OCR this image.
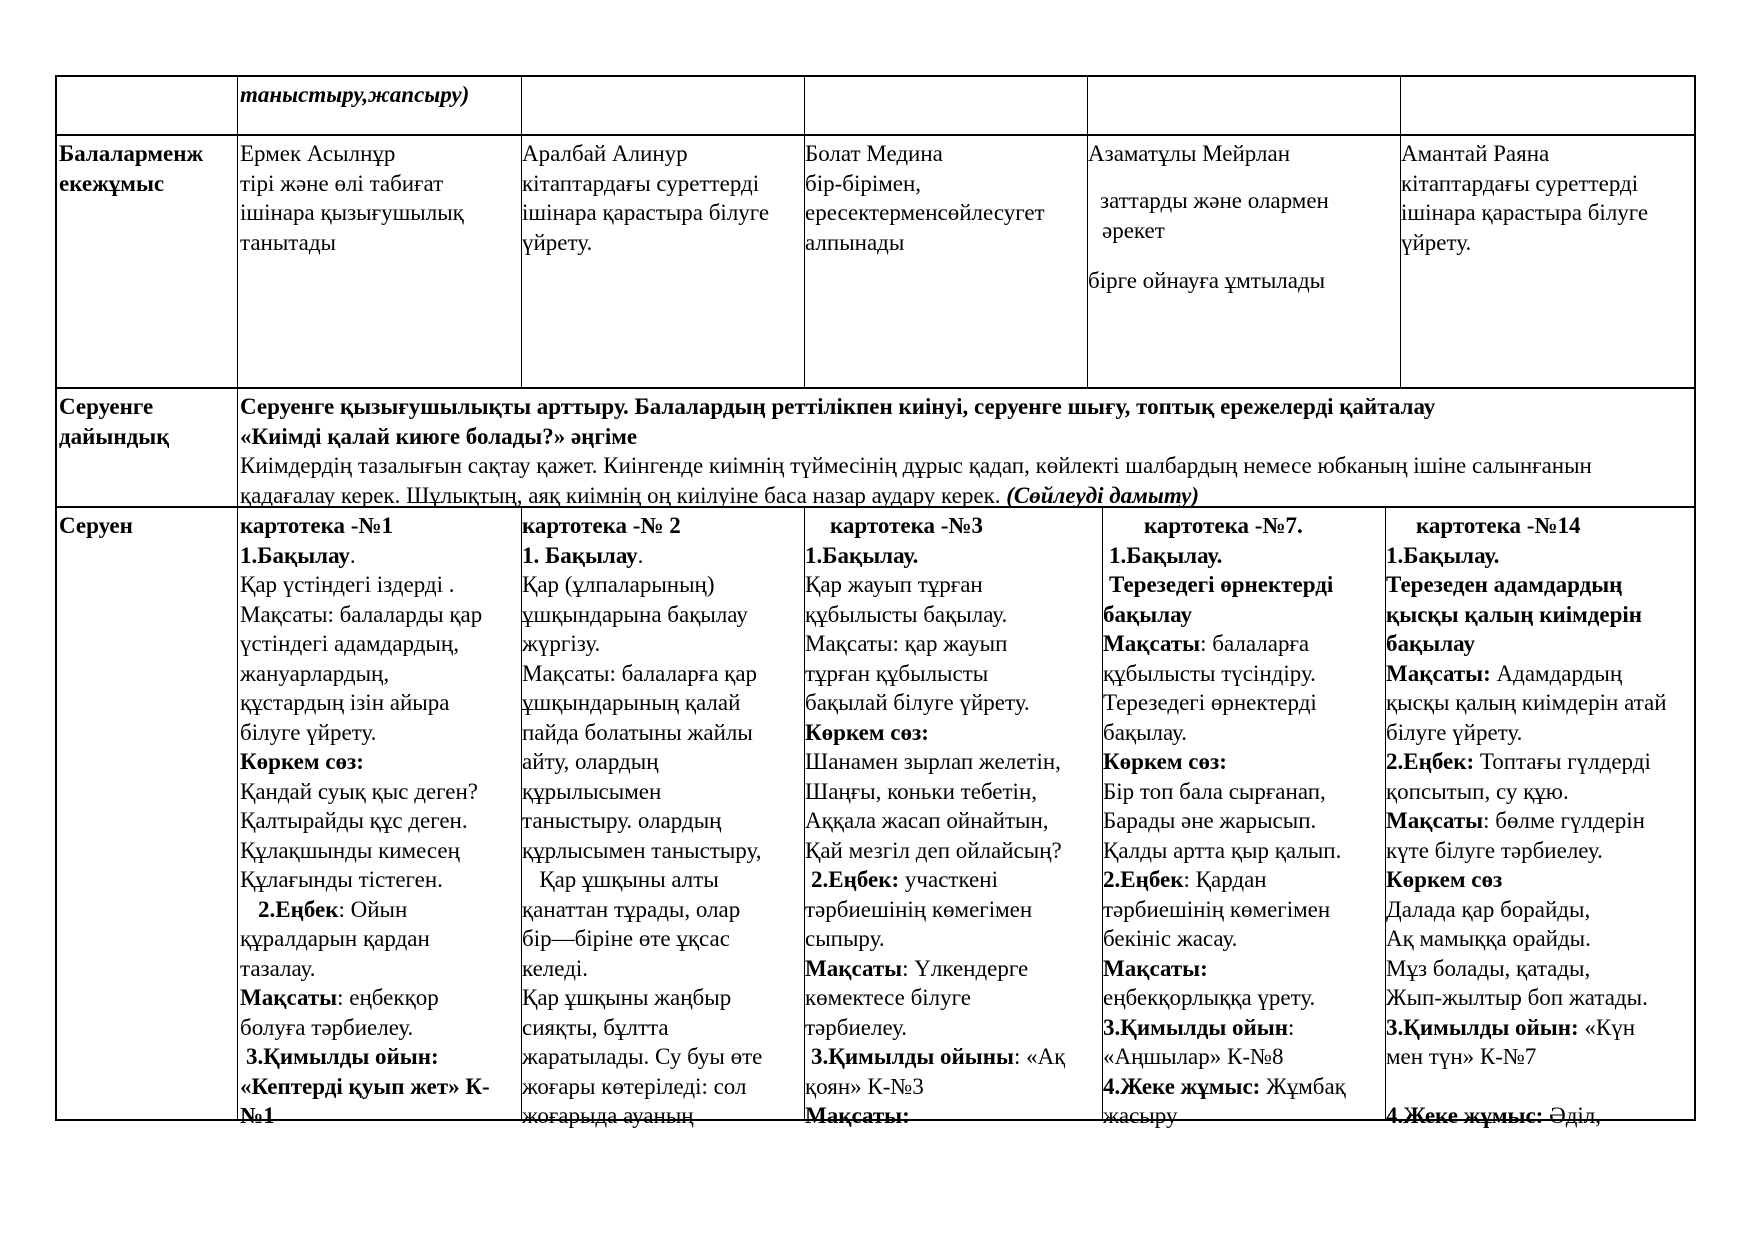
таныстыру,жапсыру)
Балаларменж
екежұмыс
Ермек Асылнұр
тірі және өлі табиғат
ішінара қызығушылық
танытады
Аралбай Алинур
кітаптардағы суреттерді
ішінара қарастыра білуге
үйрету.
Болат Медина
бір-бірімен,
ересектерменсөйлесугет
алпынады
Азаматұлы Мейрлан
заттарды және олармен
әрекет
бірге ойнауға ұмтылады
Амантай Раяна
кітаптардағы суреттерді
ішінара қарастыра білуге
үйрету.
Серуенге
дайындық
Серуенге қызығушылықты арттыру. Балалардың реттілікпен киінуі, серуенге шығу, топтық ережелерді қайталау
«Киімді қалай киюге болады?» әңгіме
Киімдердің тазалығын сақтау қажет. Киінгенде киімнің түймесінің дұрыс қадап, көйлекті шалбардың немесе юбканың ішіне салынғанын
қадағалау керек. Шұлықтың, аяқ киімнің оң киілуіне баса назар аудару керек. (Сөйлеуді дамыту)
Серуен	картотека -№1
1.Бақылау.
Қар үстіндегі іздерді .
Мақсаты: балаларды қар
үстіндегі адамдардың,
жануарлардың,
құстардың ізін айыра
білуге үйрету.
Көркем сөз:
Қандай суық қыс деген?
Қалтырайды құс деген.
Құлақшынды кимесең
Құлағынды тістеген.
2.Еңбек: Ойын
құралдарын қардан
тазалау.
Мақсаты: еңбекқор
болуға тәрбиелеу.
3.Қимылды ойын:
«Кептерді қуып жет» К-
№1
картотека -№ 2
1. Бақылау.
Қар (ұлпаларының)
ұшқындарына бақылау
жүргізу.
Мақсаты: балаларға қар
ұшқындарының қалай
пайда болатыны жайлы
айту, олардың
құрылысымен
таныстыру. олардың
құрлысымен таныстыру,
Қар ұшқыны алты
қанаттан тұрады, олар
бір—біріне өте ұқсас
келеді.
Қар ұшқыны жаңбыр
сияқты, бұлтта
жаратылады. Су буы өте
жоғары көтеріледі: сол
жоғарыда ауаның
картотека -№3
1.Бақылау.
Қар жауып тұрған
құбылысты бақылау.
Мақсаты: қар жауып
тұрған құбылысты
бақылай білуге үйрету.
Көркем сөз:
Шанамен зырлап желетін,
Шаңғы, коньки тебетін,
Аққала жасап ойнайтын,
Қай мезгіл деп ойлайсың?
2.Еңбек: участкені
тәрбиешінің көмегімен
сыпыру.
Мақсаты: Үлкендерге
көмектесе білуге
тәрбиелеу.
3.Қимылды ойыны: «Ақ
қоян» К-№3
Мақсаты:
картотека -№7.
1.Бақылау.
Терезедегі өрнектерді
бақылау
Мақсаты: балаларға
құбылысты түсіндіру.
Терезедегі өрнектерді
бақылау.
Көркем сөз:
Бір топ бала сырғанап,
Барады әне жарысып.
Қалды артта қыр қалып.
2.Еңбек: Қардан
тәрбиешінің көмегімен
бекініс жасау.
Мақсаты:
еңбекқорлыққа үрету.
3.Қимылды ойын:
«Аңшылар» К-№8
4.Жеке жұмыс: Жұмбақ
жасыру
картотека -№14
1.Бақылау.
Терезеден адамдардың
қысқы қалың киімдерін
бақылау
Мақсаты: Адамдардың
қысқы қалың киімдерін атай
білуге үйрету.
2.Еңбек: Топтағы гүлдерді
қопсытып, су құю.
Мақсаты: бөлме гүлдерін
күте білуге тәрбиелеу.
Көркем сөз
Далада қар борайды,
Ақ мамыққа орайды.
Мұз болады, қатады,
Жып-жылтыр боп жатады.
3.Қимылды ойын: «Күн
мен түн» К-№7
4.Жеке жұмыс: Әділ,
